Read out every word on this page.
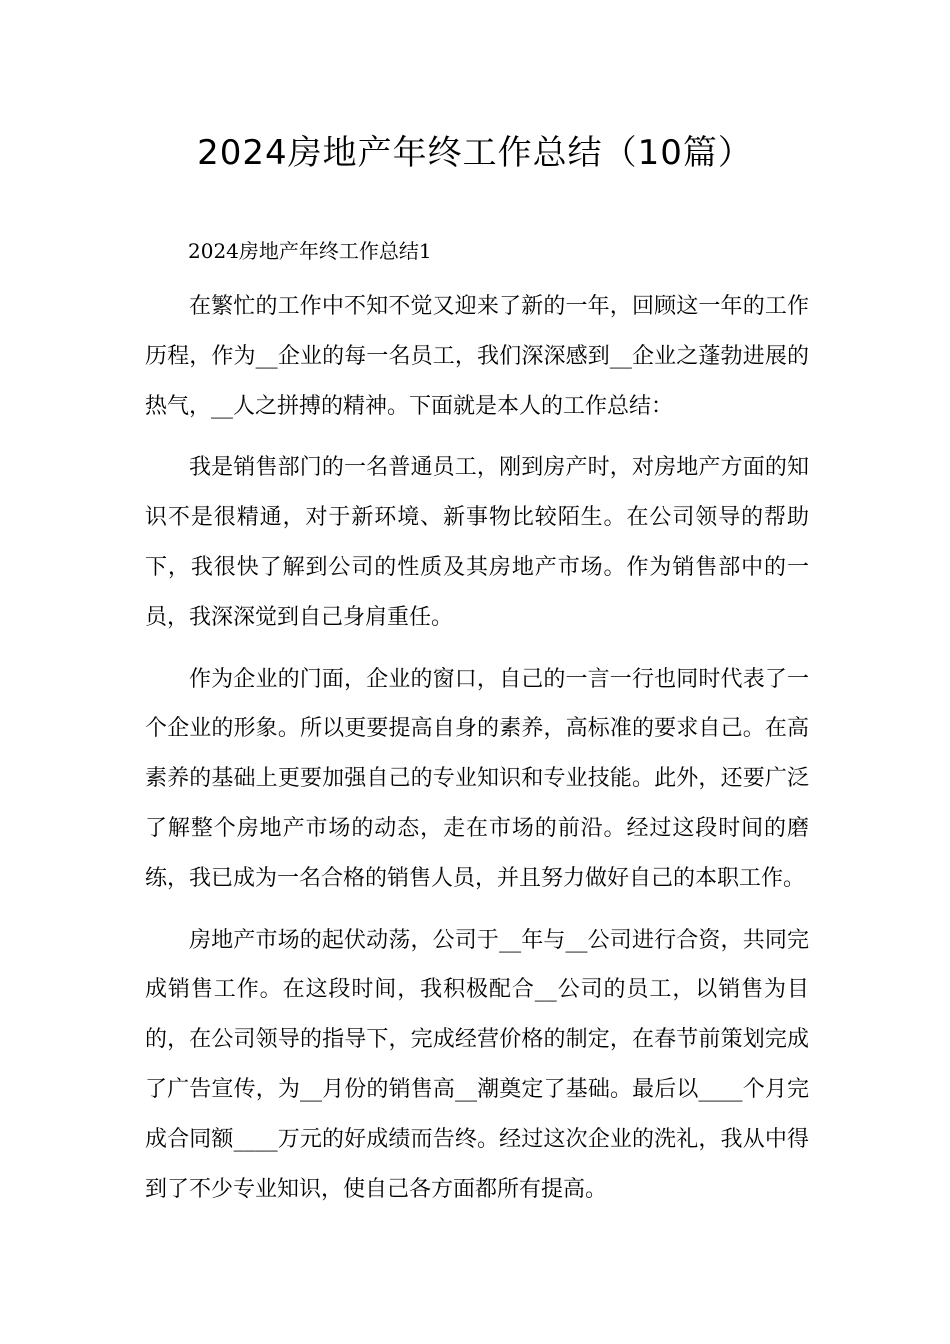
2024房地产年终工作总结（10篇）
2024房地产年终工作总结1

在繁忙的工作中不知不觉又迎来了新的一年，回顾这一年的工作历程，作为__企业的每一名员工，我们深深感到__企业之蓬勃进展的热气，__人之拼搏的精神。下面就是本人的工作总结：

我是销售部门的一名普通员工，刚到房产时，对房地产方面的知识不是很精通，对于新环境、新事物比较陌生。在公司领导的帮助下，我很快了解到公司的性质及其房地产市场。作为销售部中的一员，我深深觉到自己身肩重任。

作为企业的门面，企业的窗口，自己的一言一行也同时代表了一个企业的形象。所以更要提高自身的素养，高标准的要求自己。在高素养的基础上更要加强自己的专业知识和专业技能。此外，还要广泛了解整个房地产市场的动态，走在市场的前沿。经过这段时间的磨练，我已成为一名合格的销售人员，并且努力做好自己的本职工作。

房地产市场的起伏动荡，公司于__年与__公司进行合资，共同完成销售工作。在这段时间，我积极配合__公司的员工，以销售为目的，在公司领导的指导下，完成经营价格的制定，在春节前策划完成了广告宣传，为__月份的销售高__潮奠定了基础。最后以____个月完成合同额____万元的好成绩而告终。经过这次企业的洗礼，我从中得到了不少专业知识，使自己各方面都所有提高。
